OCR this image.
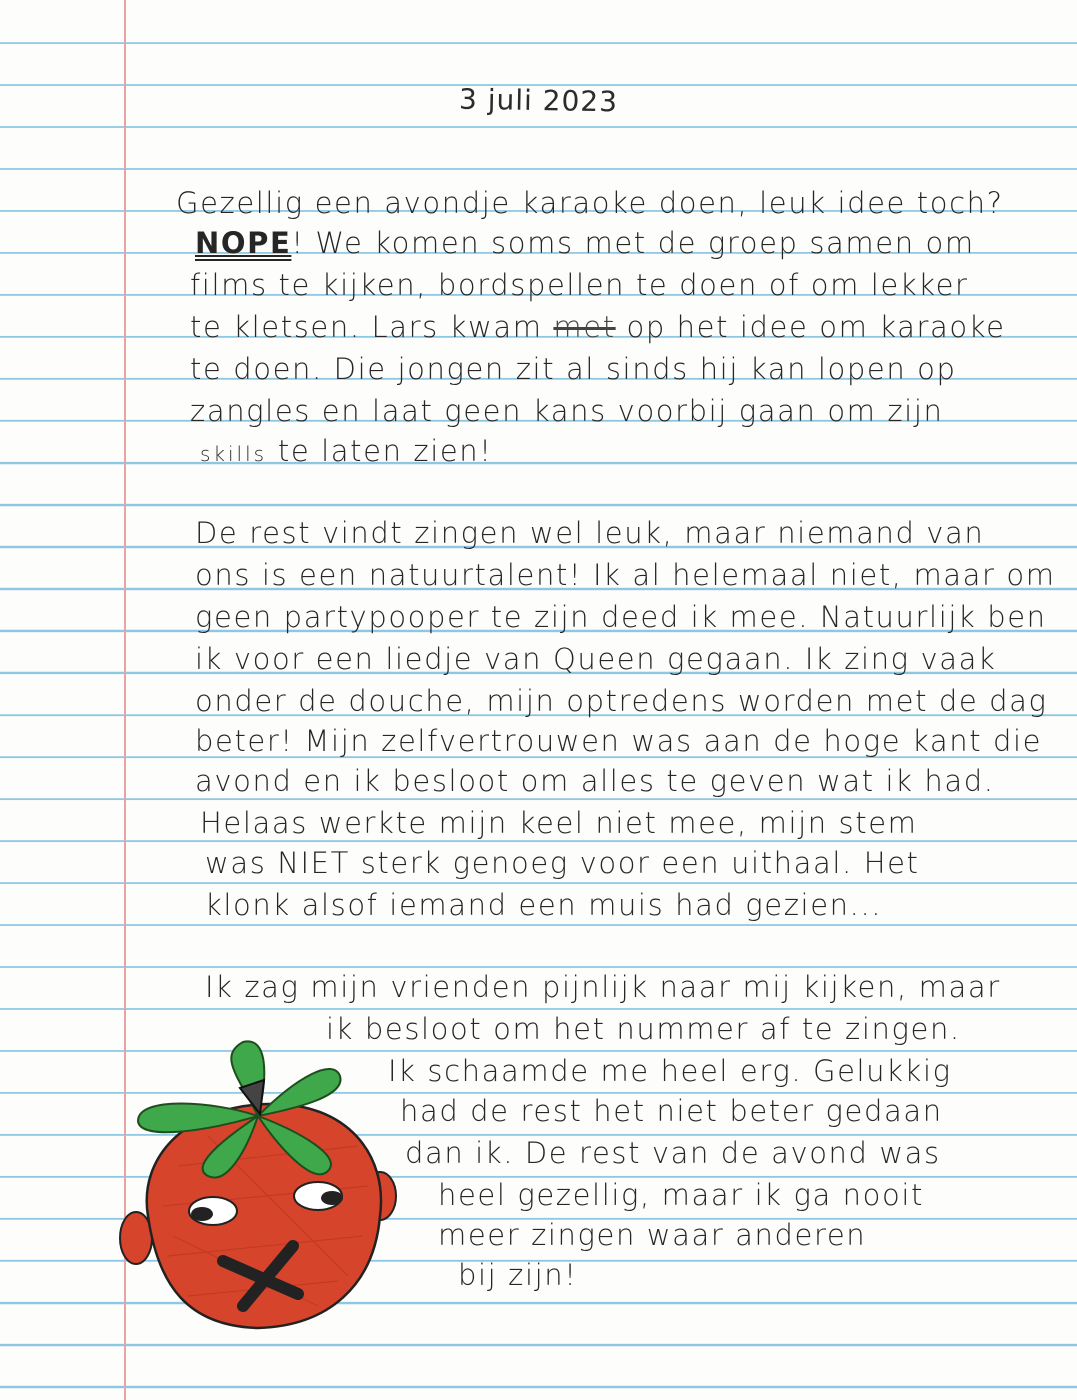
3 juli 2023
Gezellig een avondje karaoke doen, leuk idee toch?
NOPE! We komen soms met de groep samen om
films te kijken, bordspellen te doen of om lekker
te kletsen. Lars kwam met op het idee om karaoke
te doen. Die jongen zit al sinds hij kan lopen op
zangles en laat geen kans voorbij gaan om zijn
skills te laten zien!
De rest vindt zingen wel leuk, maar niemand van
ons is een natuurtalent! Ik al helemaal niet, maar om
geen partypooper te zijn deed ik mee. Natuurlijk ben
ik voor een liedje van Queen gegaan. Ik zing vaak
onder de douche, mijn optredens worden met de dag
beter! Mijn zelfvertrouwen was aan de hoge kant die
avond en ik besloot om alles te geven wat ik had.
Helaas werkte mijn keel niet mee, mijn stem
was NIET sterk genoeg voor een uithaal. Het
klonk alsof iemand een muis had gezien...
Ik zag mijn vrienden pijnlijk naar mij kijken, maar
ik besloot om het nummer af te zingen.
Ik schaamde me heel erg. Gelukkig
had de rest het niet beter gedaan
dan ik. De rest van de avond was
heel gezellig, maar ik ga nooit
meer zingen waar anderen
bij zijn!
